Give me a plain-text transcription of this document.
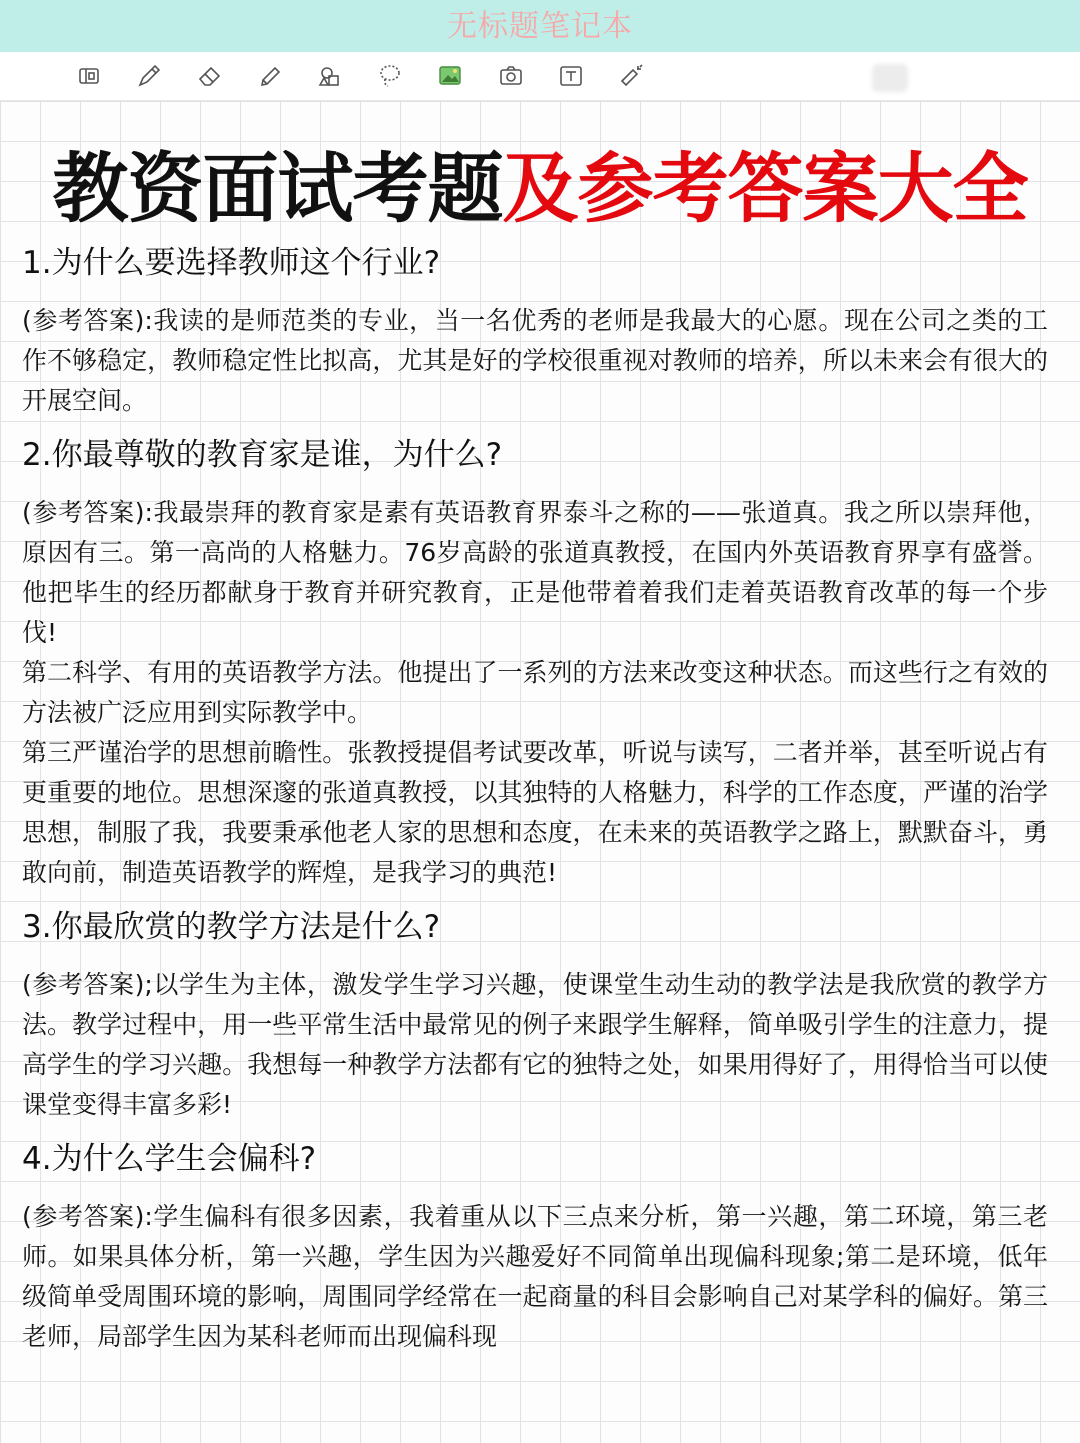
无标题笔记本
教资面试考题及参考答案大全
1.为什么要选择教师这个行业?
(参考答案):我读的是师范类的专业，当一名优秀的老师是我最大的心愿。现在公司之类的工作不够稳定，教师稳定性比拟高，尤其是好的学校很重视对教师的培养，所以未来会有很大的开展空间。
2.你最尊敬的教育家是谁，为什么?
(参考答案):我最崇拜的教育家是素有英语教育界泰斗之称的——张道真。我之所以崇拜他，原因有三。第一高尚的人格魅力。76岁高龄的张道真教授，在国内外英语教育界享有盛誉。他把毕生的经历都献身于教育并研究教育，正是他带着着我们走着英语教育改革的每一个步伐!
第二科学、有用的英语教学方法。他提出了一系列的方法来改变这种状态。而这些行之有效的方法被广泛应用到实际教学中。
第三严谨治学的思想前瞻性。张教授提倡考试要改革，听说与读写，二者并举，甚至听说占有更重要的地位。思想深邃的张道真教授，以其独特的人格魅力，科学的工作态度，严谨的治学思想，制服了我，我要秉承他老人家的思想和态度，在未来的英语教学之路上，默默奋斗，勇敢向前，制造英语教学的辉煌，是我学习的典范!
3.你最欣赏的教学方法是什么?
(参考答案);以学生为主体，激发学生学习兴趣，使课堂生动生动的教学法是我欣赏的教学方法。教学过程中，用一些平常生活中最常见的例子来跟学生解释，简单吸引学生的注意力，提高学生的学习兴趣。我想每一种教学方法都有它的独特之处，如果用得好了，用得恰当可以使课堂变得丰富多彩!
4.为什么学生会偏科?
(参考答案):学生偏科有很多因素，我着重从以下三点来分析，第一兴趣，第二环境，第三老师。如果具体分析，第一兴趣，学生因为兴趣爱好不同简单出现偏科现象;第二是环境，低年级简单受周围环境的影响，周围同学经常在一起商量的科目会影响自己对某学科的偏好。第三老师，局部学生因为某科老师而出现偏科现
